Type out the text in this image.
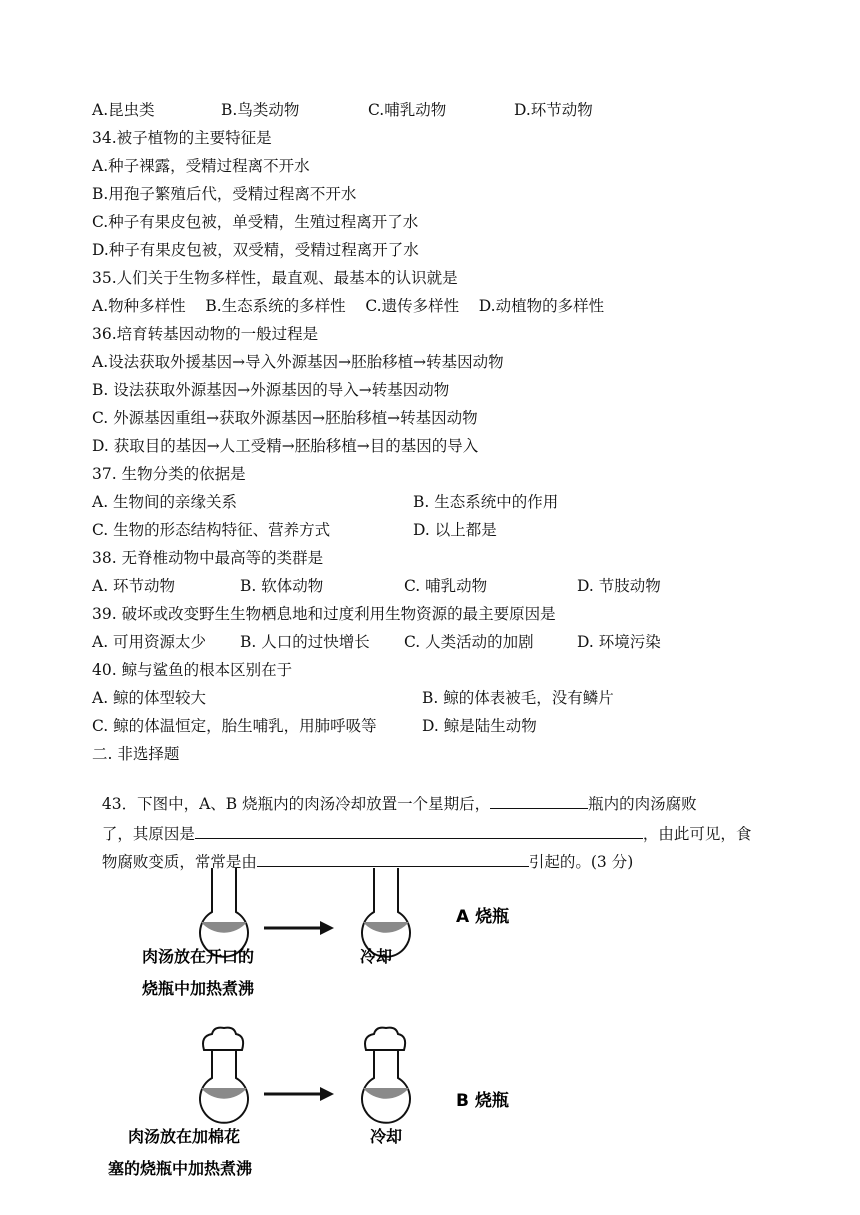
A.昆虫类	B.鸟类动物	C.哺乳动物	D.环节动物
34.被子植物的主要特征是
A.种子裸露，受精过程离不开水
B.用孢子繁殖后代，受精过程离不开水
C.种子有果皮包被，单受精，生殖过程离开了水
D.种子有果皮包被，双受精，受精过程离开了水
35.人们关于生物多样性，最直观、最基本的认识就是
A.物种多样性    B.生态系统的多样性    C.遗传多样性    D.动植物的多样性
36.培育转基因动物的一般过程是
A.设法获取外援基因→导入外源基因→胚胎移植→转基因动物
B. 设法获取外源基因→外源基因的导入→转基因动物
C. 外源基因重组→获取外源基因→胚胎移植→转基因动物
D. 获取目的基因→人工受精→胚胎移植→目的基因的导入
37. 生物分类的依据是
A. 生物间的亲缘关系	B. 生态系统中的作用
C. 生物的形态结构特征、营养方式	D. 以上都是
38. 无脊椎动物中最高等的类群是
A. 环节动物	B. 软体动物	C. 哺乳动物	D. 节肢动物
39. 破坏或改变野生生物栖息地和过度利用生物资源的最主要原因是
A. 可用资源太少 B. 人口的过快增长 C. 人类活动的加剧	D. 环境污染
40. 鲸与鲨鱼的根本区别在于
A. 鲸的体型较大	B. 鲸的体表被毛，没有鳞片
C. 鲸的体温恒定，胎生哺乳，用肺呼吸等	D. 鲸是陆生动物
二. 非选择题

43．下图中，A、B 烧瓶内的肉汤冷却放置一个星期后，	瓶内的肉汤腐败

了，其原因是	，由此可见，食

物腐败变质，常常是由	引起的。(3 分)

A 烧瓶
肉汤放在开口的
烧瓶中加热煮沸
冷却
B 烧瓶
肉汤放在加棉花
塞的烧瓶中加热煮沸
冷却
